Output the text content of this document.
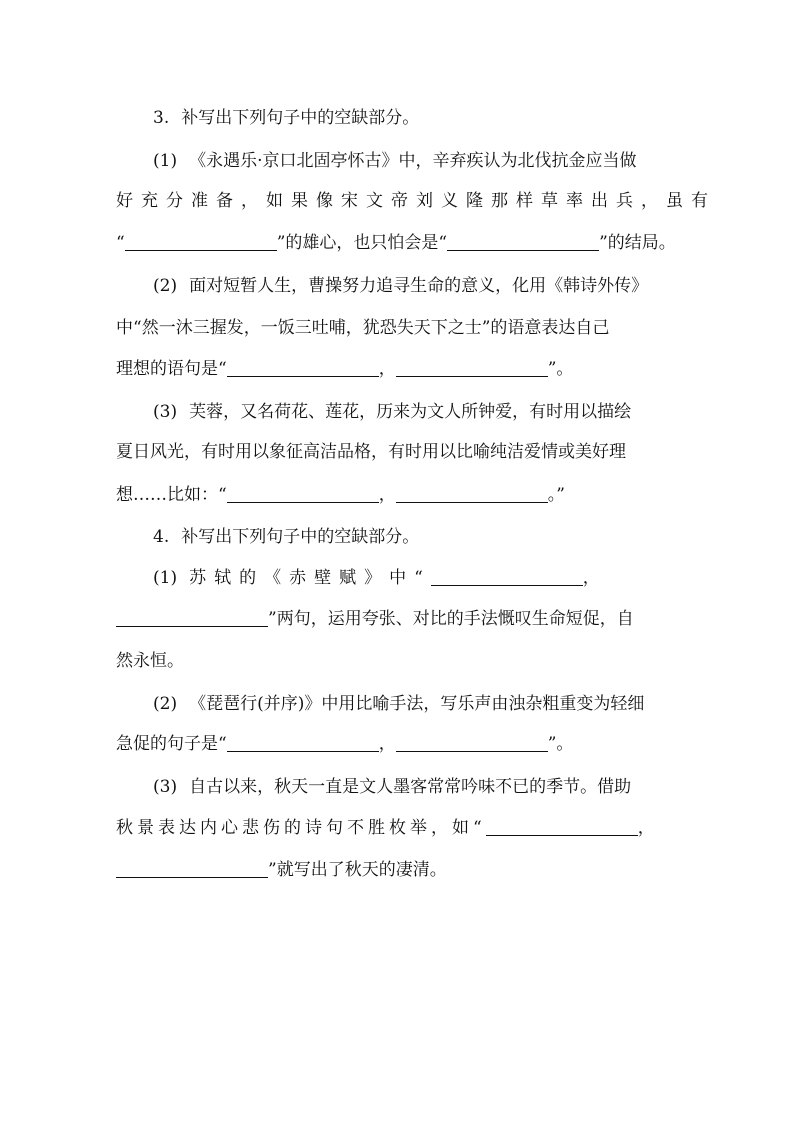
3. 补写出下列句子中的空缺部分。
(1) 《永遇乐·京口北固亭怀古》中，辛弃疾认为北伐抗金应当做
好充分准备，如果像宋文帝刘义隆那样草率出兵，虽有
“	”的雄心，也只怕会是“	”的结局。
(2) 面对短暂人生，曹操努力追寻生命的意义，化用《韩诗外传》
中“然一沐三握发，一饭三吐哺，犹恐失天下之士”的语意表达自己
理想的语句是“	，	”。
(3) 芙蓉，又名荷花、莲花，历来为文人所钟爱，有时用以描绘
夏日风光，有时用以象征高洁品格，有时用以比喻纯洁爱情或美好理
想……比如：“	，	。”
4. 补写出下列句子中的空缺部分。
(1) 苏轼的《赤壁赋》中“	，
”两句，运用夸张、对比的手法慨叹生命短促，自
然永恒。
(2) 《琵琶行(并序)》中用比喻手法，写乐声由浊杂粗重变为轻细
急促的句子是“	，	”。
(3) 自古以来，秋天一直是文人墨客常常吟味不已的季节。借助
秋景表达内心悲伤的诗句不胜枚举，如“	，
”就写出了秋天的凄清。
